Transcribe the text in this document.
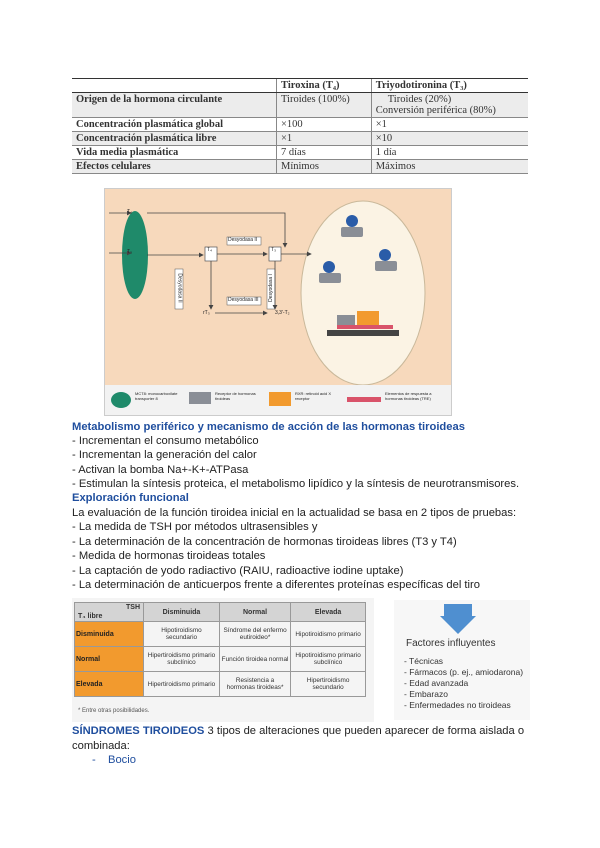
	Tiroxina (T₄)	Triyodotironina (T₃)
Origen de la hormona circulante	Tiroides (100%)	Tiroides (20%)
Conversión periférica (80%)

Concentración plasmática global	×100	×1
Concentración plasmática libre	×1	×10
Vida media plasmática	7 días	1 día
Efectos celulares	Mínimos	Máximos
T₄
T₃
Desyodasa II
Desyodasa III
Desyodasa II	Desyodasa I
T₄	T₃
rT₃	3,3'-T₂
MCT8: monocarboxilate transporter 8
Receptor de hormonas tiroideas
RXR: retinoid acid X receptor
Elementos de respuesta a hormonas tiroideas (TRE)
Metabolismo periférico y mecanismo de acción de las hormonas tiroideas
- Incrementan el consumo metabólico
- Incrementan la generación del calor
- Activan la bomba Na+-K+-ATPasa
- Estimulan la síntesis proteica, el metabolismo lipídico y la síntesis de neurotransmisores.
Exploración funcional
La evaluación de la función tiroidea inicial en la actualidad se basa en 2 tipos de pruebas:
- La medida de TSH por métodos ultrasensibles y
- La determinación de la concentración de hormonas tiroideas libres (T3 y T4)
- Medida de hormonas tiroideas totales
- La captación de yodo radiactivo (RAIU, radioactive iodine uptake)
- La determinación de anticuerpos frente a diferentes proteínas específicas del tiro
TSH
T₄ libre	Disminuida	Normal	Elevada
Disminuida	Hipotiroidismo secundario	Síndrome del enfermo eutiroideo*	Hipotiroidismo primario
Normal	Hipertiroidismo primario subclínico	Función tiroidea normal	Hipotiroidismo primario subclínico
Elevada	Hipertiroidismo primario	Resistencia a hormonas tiroideas*	Hipertiroidismo secundario
* Entre otras posibilidades.
Factores influyentes
- Técnicas
- Fármacos (p. ej., amiodarona)
- Edad avanzada
- Embarazo
- Enfermedades no tiroideas
SÍNDROMES TIROIDEOS 3 tipos de alteraciones que pueden aparecer de forma aislada o
combinada:
- Bocio
